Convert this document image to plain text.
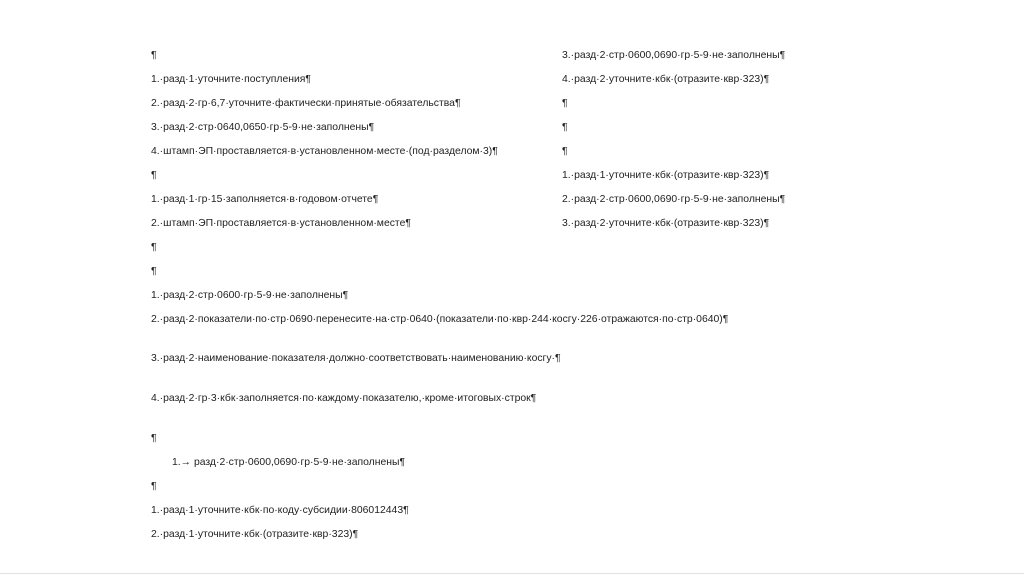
¶
1.·разд·1·уточните·поступления¶
2.·разд·2·гр·6,7·уточните·фактически·принятые·обязательства¶
3.·разд·2·стр·0640,0650·гр·5-9·не·заполнены¶
4.·штамп·ЭП·проставляется·в·установленном·месте·(под·разделом·3)¶
¶
1.·разд·1·гр·15·заполняется·в·годовом·отчете¶
2.·штамп·ЭП·проставляется·в·установленном·месте¶
¶
¶
1.·разд·2·стр·0600·гр·5-9·не·заполнены¶
2.·разд·2·показатели·по·стр·0690·перенесите·на·стр·0640·(показатели·по·квр·244·косгу·226·отражаются·по·стр·0640)¶
3.·разд·2·наименование·показателя·должно·соответствовать·наименованию·косгу·¶
4.·разд·2·гр·3·кбк·заполняется·по·каждому·показателю,·кроме·итоговых·строк¶
¶
1.→ разд·2·стр·0600,0690·гр·5-9·не·заполнены¶
¶
1.·разд·1·уточните·кбк·по·коду·субсидии·806012443¶
2.·разд·1·уточните·кбк·(отразите·квр·323)¶
3.·разд·2·стр·0600,0690·гр·5-9·не·заполнены¶
4.·разд·2·уточните·кбк·(отразите·квр·323)¶
¶
¶
¶
1.·разд·1·уточните·кбк·(отразите·квр·323)¶
2.·разд·2·стр·0600,0690·гр·5-9·не·заполнены¶
3.·разд·2·уточните·кбк·(отразите·квр·323)¶
